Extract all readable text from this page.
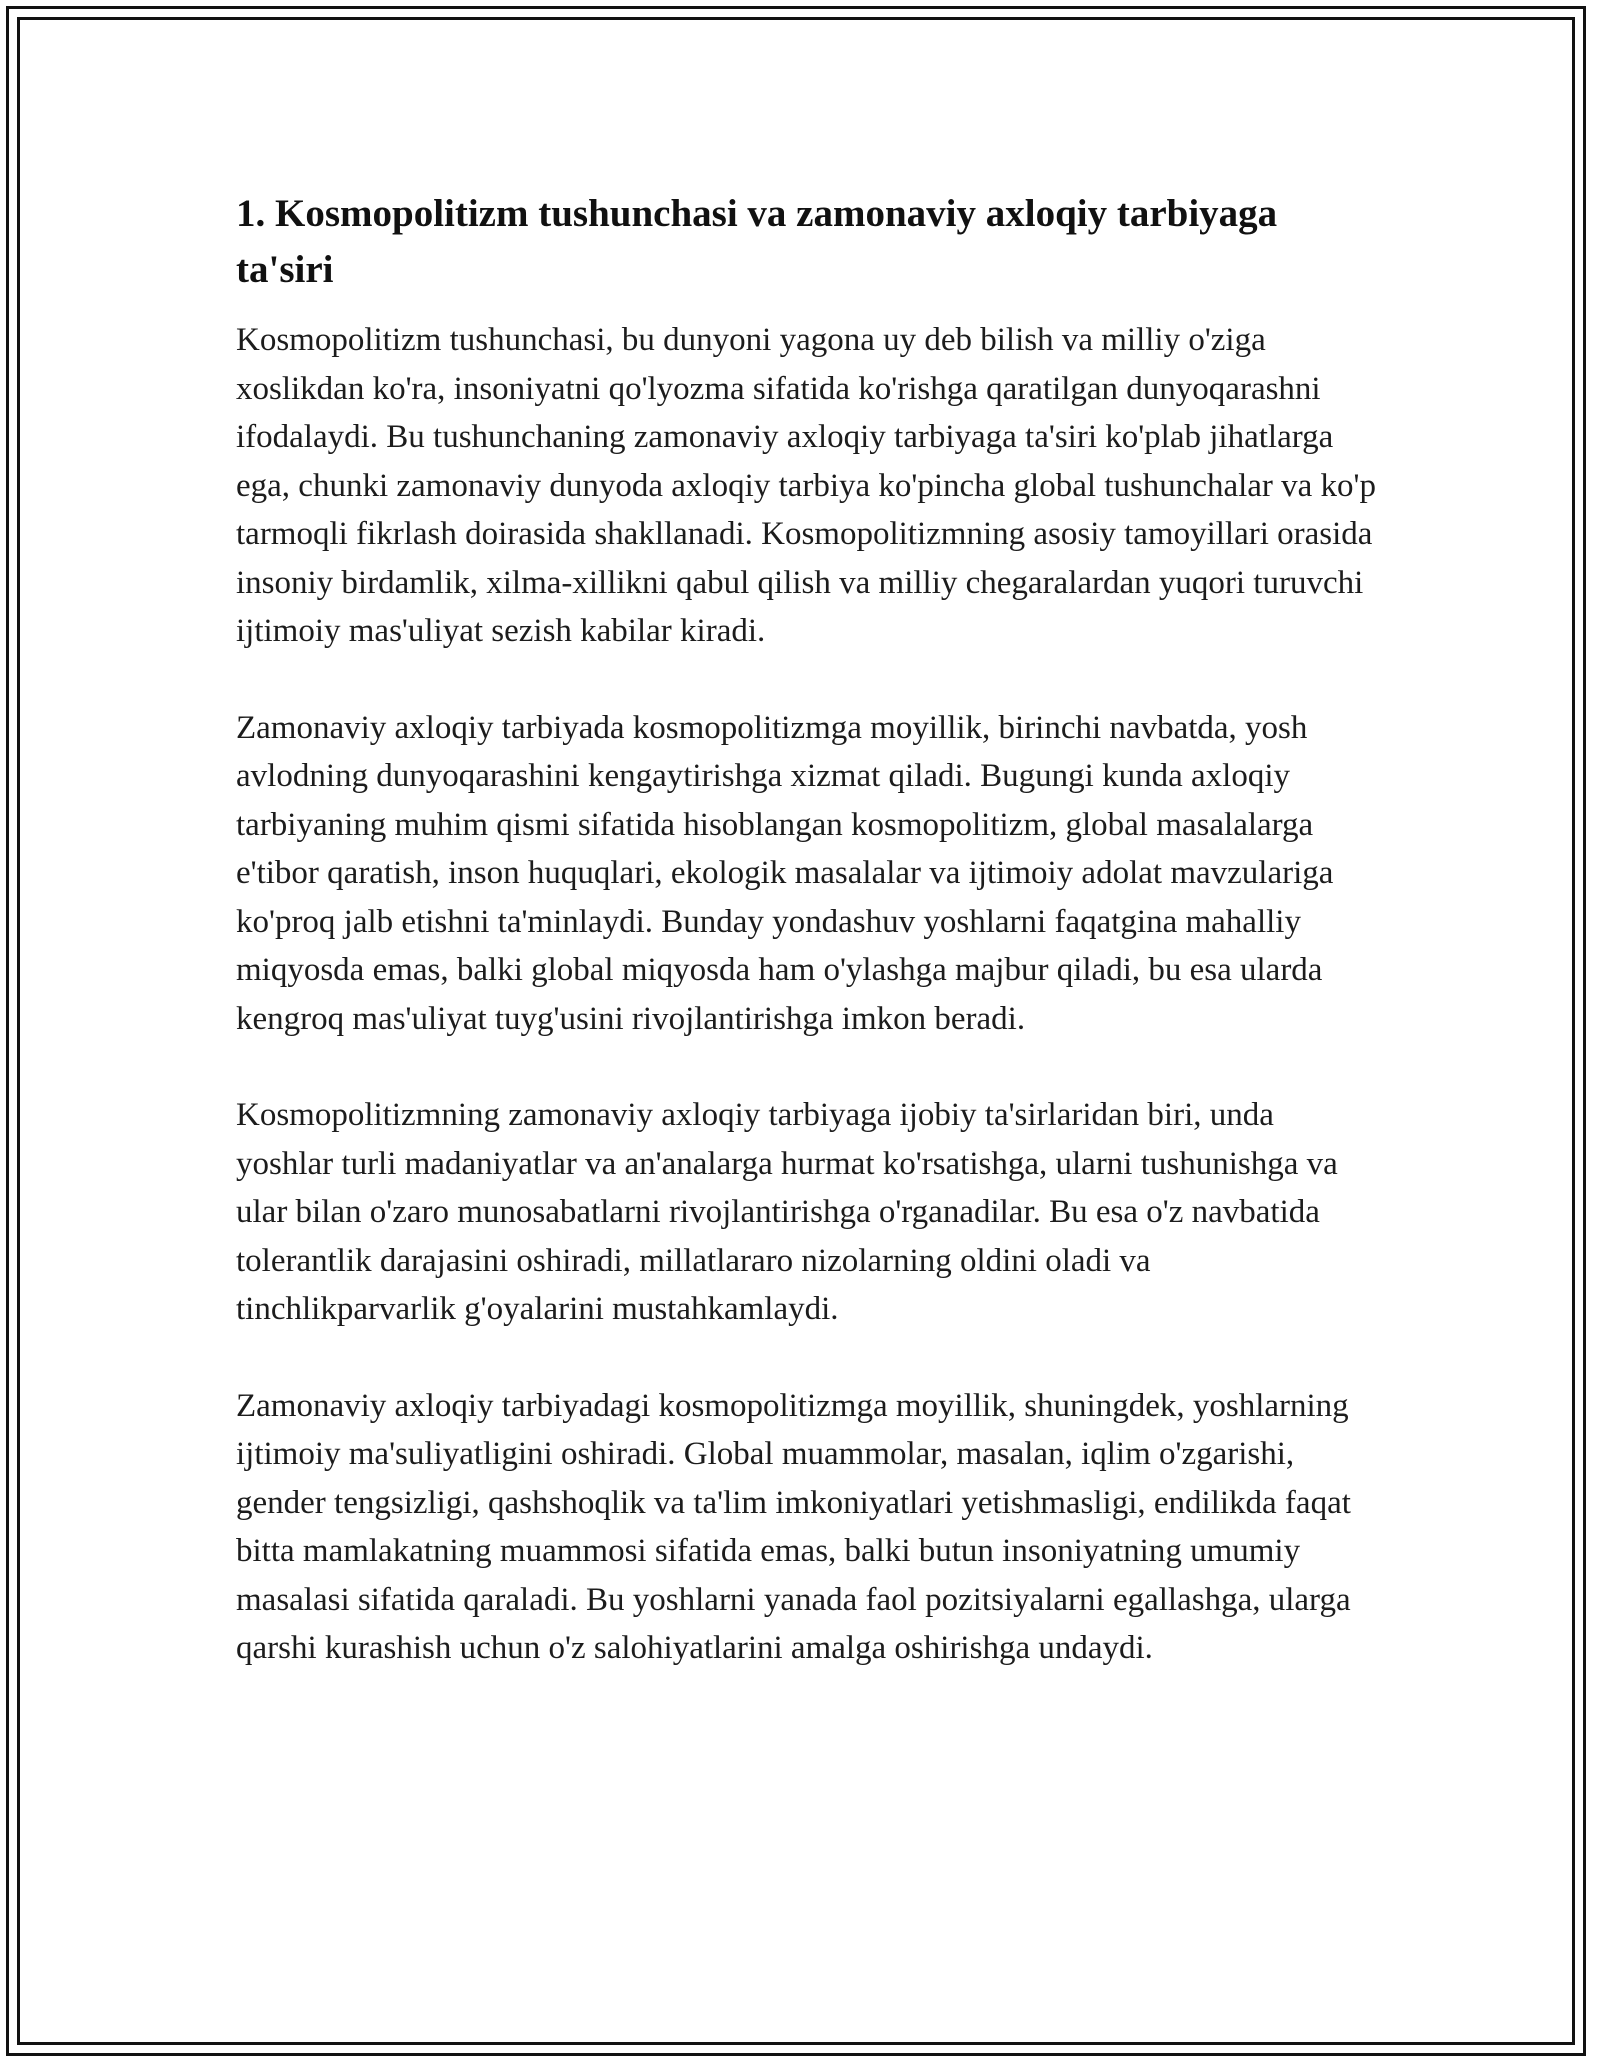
1. Kosmopolitizm tushunchasi va zamonaviy axloqiy tarbiyaga ta'siri

Kosmopolitizm tushunchasi, bu dunyoni yagona uy deb bilish va milliy o'ziga xoslikdan ko'ra, insoniyatni qo'lyozma sifatida ko'rishga qaratilgan dunyoqarashni ifodalaydi. Bu tushunchaning zamonaviy axloqiy tarbiyaga ta'siri ko'plab jihatlarga ega, chunki zamonaviy dunyoda axloqiy tarbiya ko'pincha global tushunchalar va ko'p tarmoqli fikrlash doirasida shakllanadi. Kosmopolitizmning asosiy tamoyillari orasida insoniy birdamlik, xilma-xillikni qabul qilish va milliy chegaralardan yuqori turuvchi ijtimoiy mas'uliyat sezish kabilar kiradi.

Zamonaviy axloqiy tarbiyada kosmopolitizmga moyillik, birinchi navbatda, yosh avlodning dunyoqarashini kengaytirishga xizmat qiladi. Bugungi kunda axloqiy tarbiyaning muhim qismi sifatida hisoblangan kosmopolitizm, global masalalarga e'tibor qaratish, inson huquqlari, ekologik masalalar va ijtimoiy adolat mavzulariga ko'proq jalb etishni ta'minlaydi. Bunday yondashuv yoshlarni faqatgina mahalliy miqyosda emas, balki global miqyosda ham o'ylashga majbur qiladi, bu esa ularda kengroq mas'uliyat tuyg'usini rivojlantirishga imkon beradi.

Kosmopolitizmning zamonaviy axloqiy tarbiyaga ijobiy ta'sirlaridan biri, unda yoshlar turli madaniyatlar va an'analarga hurmat ko'rsatishga, ularni tushunishga va ular bilan o'zaro munosabatlarni rivojlantirishga o'rganadilar. Bu esa o'z navbatida tolerantlik darajasini oshiradi, millatlararo nizolarning oldini oladi va tinchlikparvarlik g'oyalarini mustahkamlaydi.

Zamonaviy axloqiy tarbiyadagi kosmopolitizmga moyillik, shuningdek, yoshlarning ijtimoiy ma'suliyatligini oshiradi. Global muammolar, masalan, iqlim o'zgarishi, gender tengsizligi, qashshoqlik va ta'lim imkoniyatlari yetishmasligi, endilikda faqat bitta mamlakatning muammosi sifatida emas, balki butun insoniyatning umumiy masalasi sifatida qaraladi. Bu yoshlarni yanada faol pozitsiyalarni egallashga, ularga qarshi kurashish uchun o'z salohiyatlarini amalga oshirishga undaydi.
